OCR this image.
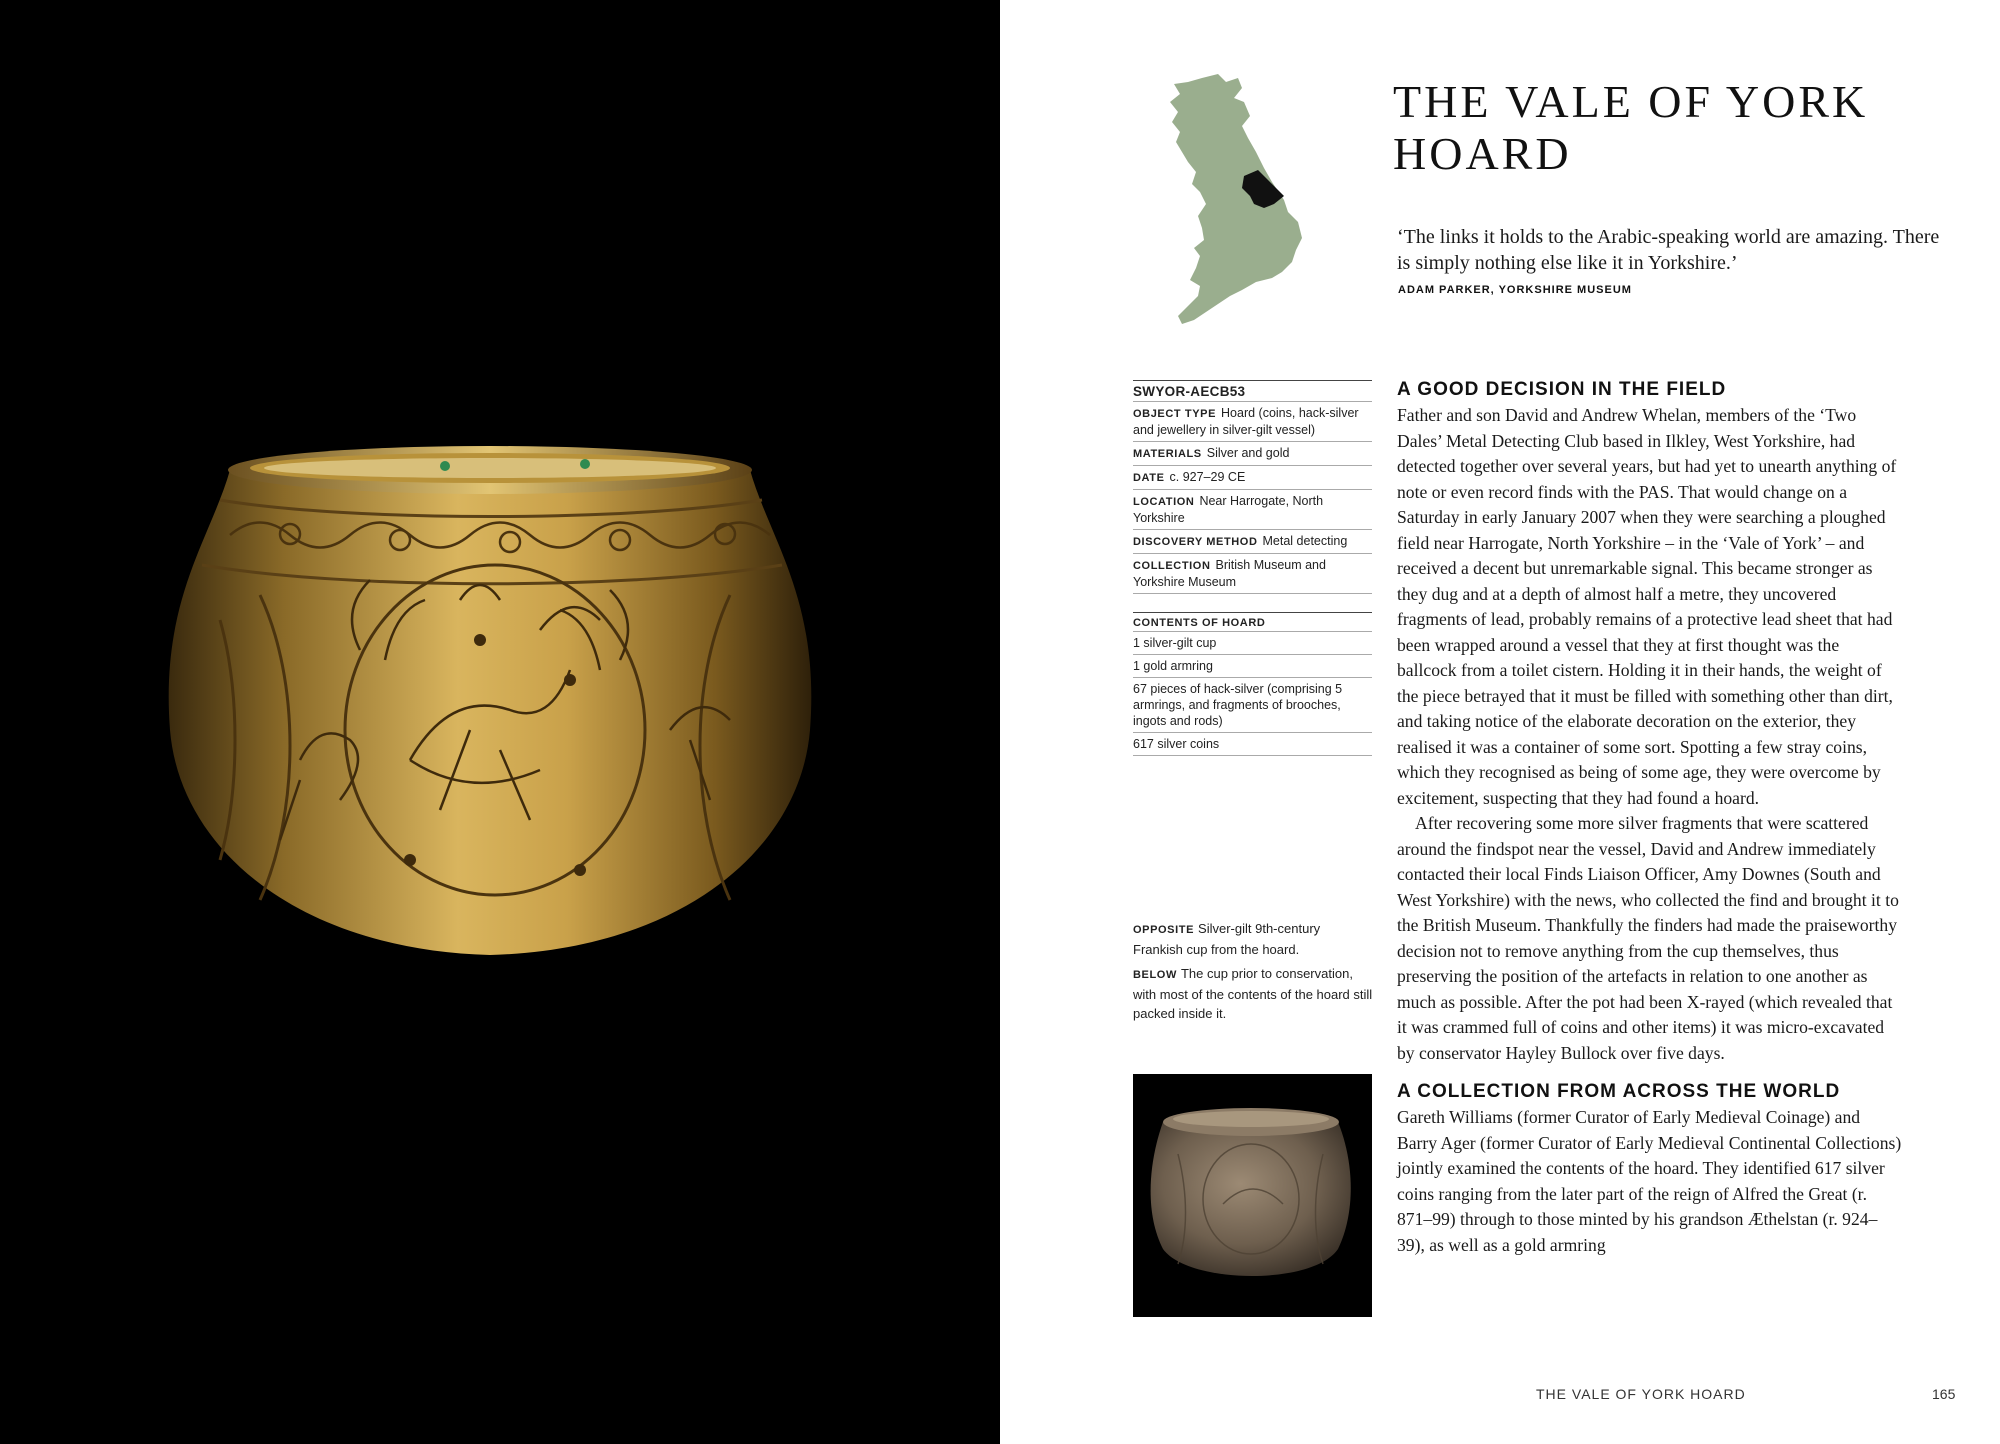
THE VALE OF YORK HOARD

‘The links it holds to the Arabic-speaking world are amazing. There is simply nothing else like it in Yorkshire.’

ADAM PARKER, YORKSHIRE MUSEUM
SWYOR-AECB53
OBJECT TYPE Hoard (coins, hack-silver and jewellery in silver-gilt vessel)
MATERIALS Silver and gold
DATE c. 927–29 CE
LOCATION Near Harrogate, North Yorkshire
DISCOVERY METHOD Metal detecting
COLLECTION British Museum and Yorkshire Museum
CONTENTS OF HOARD
1 silver-gilt cup
1 gold armring
67 pieces of hack-silver (comprising 5 armrings, and fragments of brooches, ingots and rods)
617 silver coins

OPPOSITE Silver-gilt 9th-century Frankish cup from the hoard.

BELOW The cup prior to conservation, with most of the contents of the hoard still packed inside it.

A GOOD DECISION IN THE FIELD

Father and son David and Andrew Whelan, members of the ‘Two Dales’ Metal Detecting Club based in Ilkley, West Yorkshire, had detected together over several years, but had yet to unearth anything of note or even record finds with the PAS. That would change on a Saturday in early January 2007 when they were searching a ploughed field near Harrogate, North Yorkshire – in the ‘Vale of York’ – and received a decent but unremarkable signal. This became stronger as they dug and at a depth of almost half a metre, they uncovered fragments of lead, probably remains of a protective lead sheet that had been wrapped around a vessel that they at first thought was the ballcock from a toilet cistern. Holding it in their hands, the weight of the piece betrayed that it must be filled with something other than dirt, and taking notice of the elaborate decoration on the exterior, they realised it was a container of some sort. Spotting a few stray coins, which they recognised as being of some age, they were overcome by excitement, suspecting that they had found a hoard.

After recovering some more silver fragments that were scattered around the findspot near the vessel, David and Andrew immediately contacted their local Finds Liaison Officer, Amy Downes (South and West Yorkshire) with the news, who collected the find and brought it to the British Museum. Thankfully the finders had made the praiseworthy decision not to remove anything from the cup themselves, thus preserving the position of the artefacts in relation to one another as much as possible. After the pot had been X-rayed (which revealed that it was crammed full of coins and other items) it was micro-excavated by conservator Hayley Bullock over five days.

A COLLECTION FROM ACROSS THE WORLD

Gareth Williams (former Curator of Early Medieval Coinage) and Barry Ager (former Curator of Early Medieval Continental Collections) jointly examined the contents of the hoard. They identified 617 silver coins ranging from the later part of the reign of Alfred the Great (r. 871–99) through to those minted by his grandson Æthelstan (r. 924–39), as well as a gold armring

THE VALE OF YORK HOARD	165
